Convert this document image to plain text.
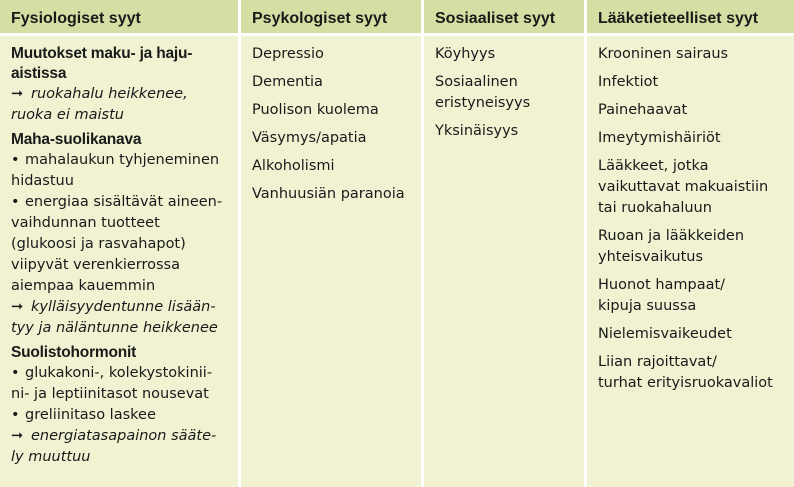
Fysiologiset syyt
Muutokset maku- ja haju-
aistissa
➞ ruokahalu heikkenee,
ruoka ei maistu
Maha-suolikanava
• mahalaukun tyhjeneminen
hidastuu
• energiaa sisältävät aineen-
vaihdunnan tuotteet
(glukoosi ja rasvahapot)
viipyvät verenkierrossa
aiempaa kauemmin
➞ kylläisyydentunne lisään-
tyy ja näläntunne heikkenee
Suolistohormonit
• glukakoni-, kolekystokinii-
ni- ja leptiinitasot nousevat
• greliinitaso laskee
➞ energiatasapainon sääte-
ly muuttuu
Psykologiset syyt
Depressio
Dementia
Puolison kuolema
Väsymys/apatia
Alkoholismi
Vanhuusiän paranoia
Sosiaaliset syyt
Köyhyys
Sosiaalinen
eristyneisyys
Yksinäisyys
Lääketieteelliset syyt
Krooninen sairaus
Infektiot
Painehaavat
Imeytymishäiriöt
Lääkkeet, jotka
vaikuttavat makuaistiin
tai ruokahaluun
Ruoan ja lääkkeiden
yhteisvaikutus
Huonot hampaat/
kipuja suussa
Nielemisvaikeudet
Liian rajoittavat/
turhat erityisruokavaliot
